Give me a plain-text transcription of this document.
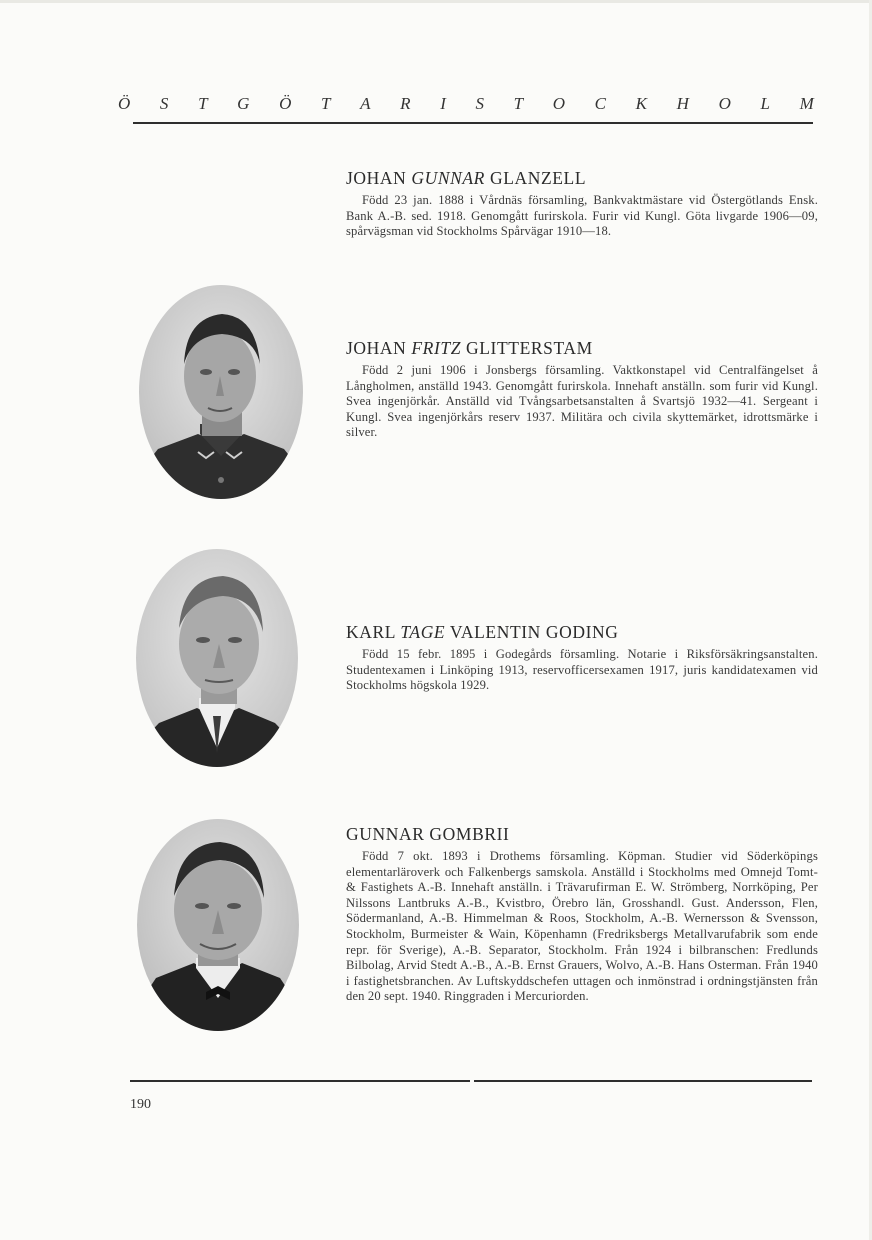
Ö S T G Ö T A R I S T O C K H O L M
JOHAN GUNNAR GLANZELL

Född 23 jan. 1888 i Vårdnäs församling, Bankvaktmästare vid Östergötlands Ensk. Bank A.-B. sed. 1918. Genomgått furirskola. Furir vid Kungl. Göta livgarde 1906—09, spårvägsman vid Stockholms Spårvägar 1910—18.

JOHAN FRITZ GLITTERSTAM

Född 2 juni 1906 i Jonsbergs församling. Vaktkonstapel vid Centralfängelset å Långholmen, anställd 1943. Genomgått furirskola. Innehaft anställn. som furir vid Kungl. Svea ingenjörkår. Anställd vid Tvångsarbetsanstalten å Svartsjö 1932—41. Sergeant i Kungl. Svea ingenjörkårs reserv 1937. Militära och civila skyttemärket, idrottsmärke i silver.

KARL TAGE VALENTIN GODING

Född 15 febr. 1895 i Godegårds församling. Notarie i Riksförsäkringsanstalten. Studentexamen i Linköping 1913, reservofficersexamen 1917, juris kandidatexamen vid Stockholms högskola 1929.

GUNNAR GOMBRII

Född 7 okt. 1893 i Drothems församling. Köpman. Studier vid Söderköpings elementarläroverk och Falkenbergs samskola. Anställd i Stockholms med Omnejd Tomt- & Fastighets A.-B. Innehaft anställn. i Trävarufirman E. W. Strömberg, Norrköping, Per Nilssons Lantbruks A.-B., Kvistbro, Örebro län, Grosshandl. Gust. Andersson, Flen, Södermanland, A.-B. Himmelman & Roos, Stockholm, A.-B. Wernersson & Svensson, Stockholm, Burmeister & Wain, Köpenhamn (Fredriksbergs Metallvarufabrik som ende repr. för Sverige), A.-B. Separator, Stockholm. Från 1924 i bilbranschen: Fredlunds Bilbolag, Arvid Stedt A.-B., A.-B. Ernst Grauers, Wolvo, A.-B. Hans Osterman. Från 1940 i fastighetsbranchen. Av Luftskyddschefen uttagen och inmönstrad i ordningstjänsten från den 20 sept. 1940. Ringgraden i Mercuriorden.

190
